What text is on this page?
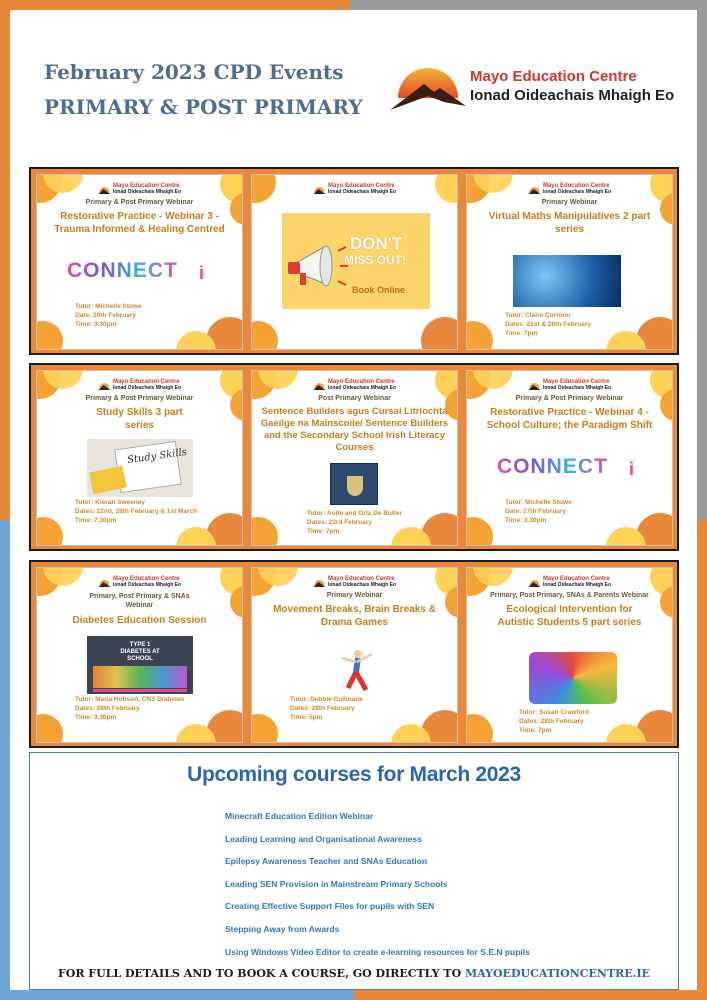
February 2023 CPD Events
PRIMARY & POST PRIMARY
Mayo Education Centre
Ionad Oideachais Mhaigh Eo
Mayo Education Centre
Ionad Oideachais Mhaigh Eo
Primary & Post Primary Webinar
Restorative Practice - Webinar 3 - Trauma Informed & Healing Centred
CONNECT i
Tutor: Michelle Stowe
Date: 20th February
Time: 3.30pm
Mayo Education Centre
Ionad Oideachais Mhaigh Eo
DON'T
MISS OUT!
Book Online
Mayo Education Centre
Ionad Oideachais Mhaigh Eo
Primary Webinar
Virtual Maths Manipulatives 2 part series
Tutor: Claire Corroon
Dates: 21st & 28th February
Time: 7pm
Mayo Education Centre
Ionad Oideachais Mhaigh Eo
Primary & Post Primary Webinar
Study Skills 3 part series
Study Skills
Tutor: Kieran Sweeney
Dates: 22nd, 28th February & 1st March
Time: 7.30pm
Mayo Education Centre
Ionad Oideachais Mhaigh Eo
Post Primary Webinar
Sentence Builders agus Cursaí Litríochta Gaeilge na Mainscoile/ Sentence Builders and the Secondary School Irish Literacy Courses
Tutor: Aoife and Orla De Butler
Dates: 23rd February
Time: 7pm
Mayo Education Centre
Ionad Oideachais Mhaigh Eo
Primary & Post Primary Webinar
Restorative Practice - Webinar 4 - School Culture; the Paradigm Shift
CONNECT i
Tutor: Michelle Stowe
Date: 27th February
Time: 3.30pm
Mayo Education Centre
Ionad Oideachais Mhaigh Eo
Primary, Post Primary & SNAs Webinar
Diabetes Education Session
TYPE 1 DIABETES AT SCHOOL
Tutor: Maria Hobson, CNS Diabetes
Dates: 28th February
Time: 3.30pm
Mayo Education Centre
Ionad Oideachais Mhaigh Eo
Primary Webinar
Movement Breaks, Brain Breaks & Drama Games
Tutor: Debbie Cullinane
Dates: 28th February
Time: 5pm
Mayo Education Centre
Ionad Oideachais Mhaigh Eo
Primary, Post Primary, SNAs & Parents Webinar
Ecological Intervention for Autistic Students 5 part series
Tutor: Susan Crawford
Dates: 28th February
Time: 7pm
Upcoming courses for March 2023
Minecraft Education Edition Webinar
Leading Learning and Organisational Awareness
Epilepsy Awareness Teacher and SNAs Education
Leading SEN Provision in Mainstream Primary Schools
Creating Effective Support Files for pupils with SEN
Stepping Away from Awards
Using Windows Video Editor to create e-learning resources for S.E.N pupils
FOR FULL DETAILS AND TO BOOK A COURSE, GO DIRECTLY TO MAYOEDUCATIONCENTRE.IE
